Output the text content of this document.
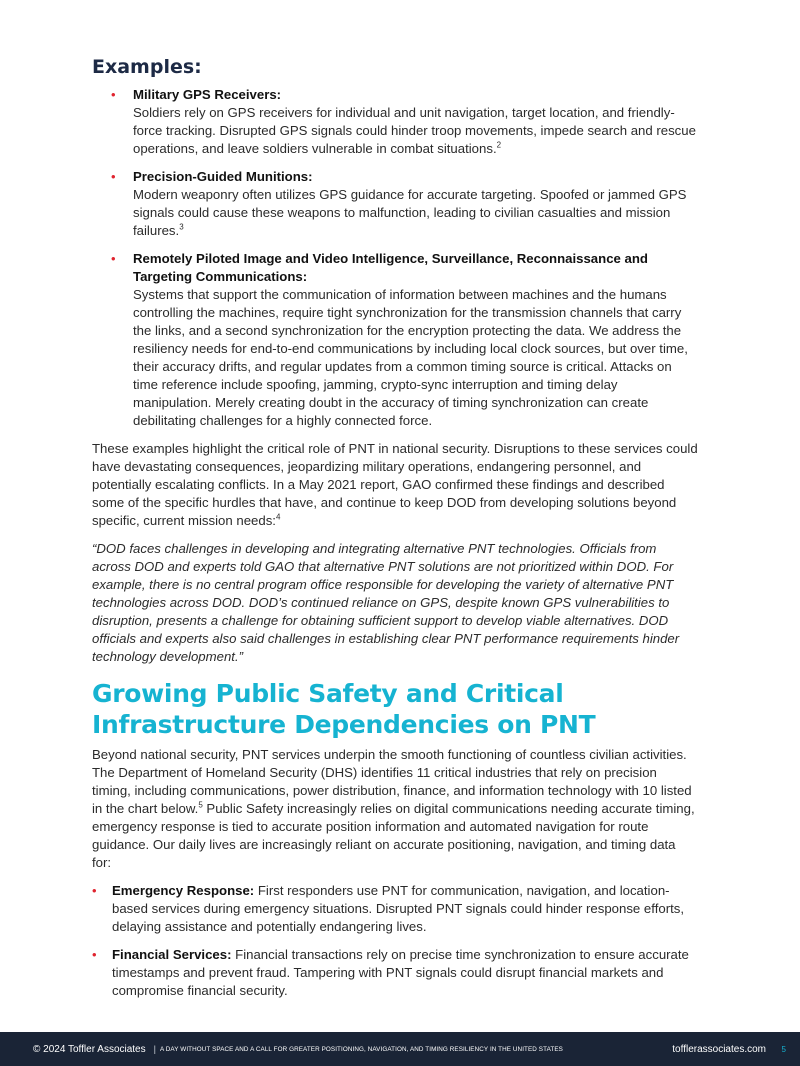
Examples:
• Military GPS Receivers:
Soldiers rely on GPS receivers for individual and unit navigation, target location, and friendly-force tracking. Disrupted GPS signals could hinder troop movements, impede search and rescue operations, and leave soldiers vulnerable in combat situations.$^2$
• Precision-Guided Munitions:
Modern weaponry often utilizes GPS guidance for accurate targeting. Spoofed or jammed GPS signals could cause these weapons to malfunction, leading to civilian casualties and mission failures.$^3$
• Remotely Piloted Image and Video Intelligence, Surveillance, Reconnaissance and Targeting Communications:
Systems that support the communication of information between machines and the humans controlling the machines, require tight synchronization for the transmission channels that carry the links, and a second synchronization for the encryption protecting the data. We address the resiliency needs for end-to-end communications by including local clock sources, but over time, their accuracy drifts, and regular updates from a common timing source is critical. Attacks on time reference include spoofing, jamming, crypto-sync interruption and timing delay manipulation. Merely creating doubt in the accuracy of timing synchronization can create debilitating challenges for a highly connected force.

These examples highlight the critical role of PNT in national security. Disruptions to these services could have devastating consequences, jeopardizing military operations, endangering personnel, and potentially escalating conflicts. In a May 2021 report, GAO confirmed these findings and described some of the specific hurdles that have, and continue to keep DOD from developing solutions beyond specific, current mission needs:$^4$

“DOD faces challenges in developing and integrating alternative PNT technologies. Officials from across DOD and experts told GAO that alternative PNT solutions are not prioritized within DOD. For example, there is no central program office responsible for developing the variety of alternative PNT technologies across DOD. DOD’s continued reliance on GPS, despite known GPS vulnerabilities to disruption, presents a challenge for obtaining sufficient support to develop viable alternatives. DOD officials and experts also said challenges in establishing clear PNT performance requirements hinder technology development.”

Growing Public Safety and Critical Infrastructure Dependencies on PNT

Beyond national security, PNT services underpin the smooth functioning of countless civilian activities. The Department of Homeland Security (DHS) identifies 11 critical industries that rely on precision timing, including communications, power distribution, finance, and information technology with 10 listed in the chart below.$^5$ Public Safety increasingly relies on digital communications needing accurate timing, emergency response is tied to accurate position information and automated navigation for route guidance. Our daily lives are increasingly reliant on accurate positioning, navigation, and timing data for:

• Emergency Response: First responders use PNT for communication, navigation, and location-based services during emergency situations. Disrupted PNT signals could hinder response efforts, delaying assistance and potentially endangering lives.
• Financial Services: Financial transactions rely on precise time synchronization to ensure accurate timestamps and prevent fraud. Tampering with PNT signals could disrupt financial markets and compromise financial security.
© 2024 Toffler Associates | A DAY WITHOUT SPACE AND A CALL FOR GREATER POSITIONING, NAVIGATION, AND TIMING RESILIENCY IN THE UNITED STATES	tofflerassociates.com 5
